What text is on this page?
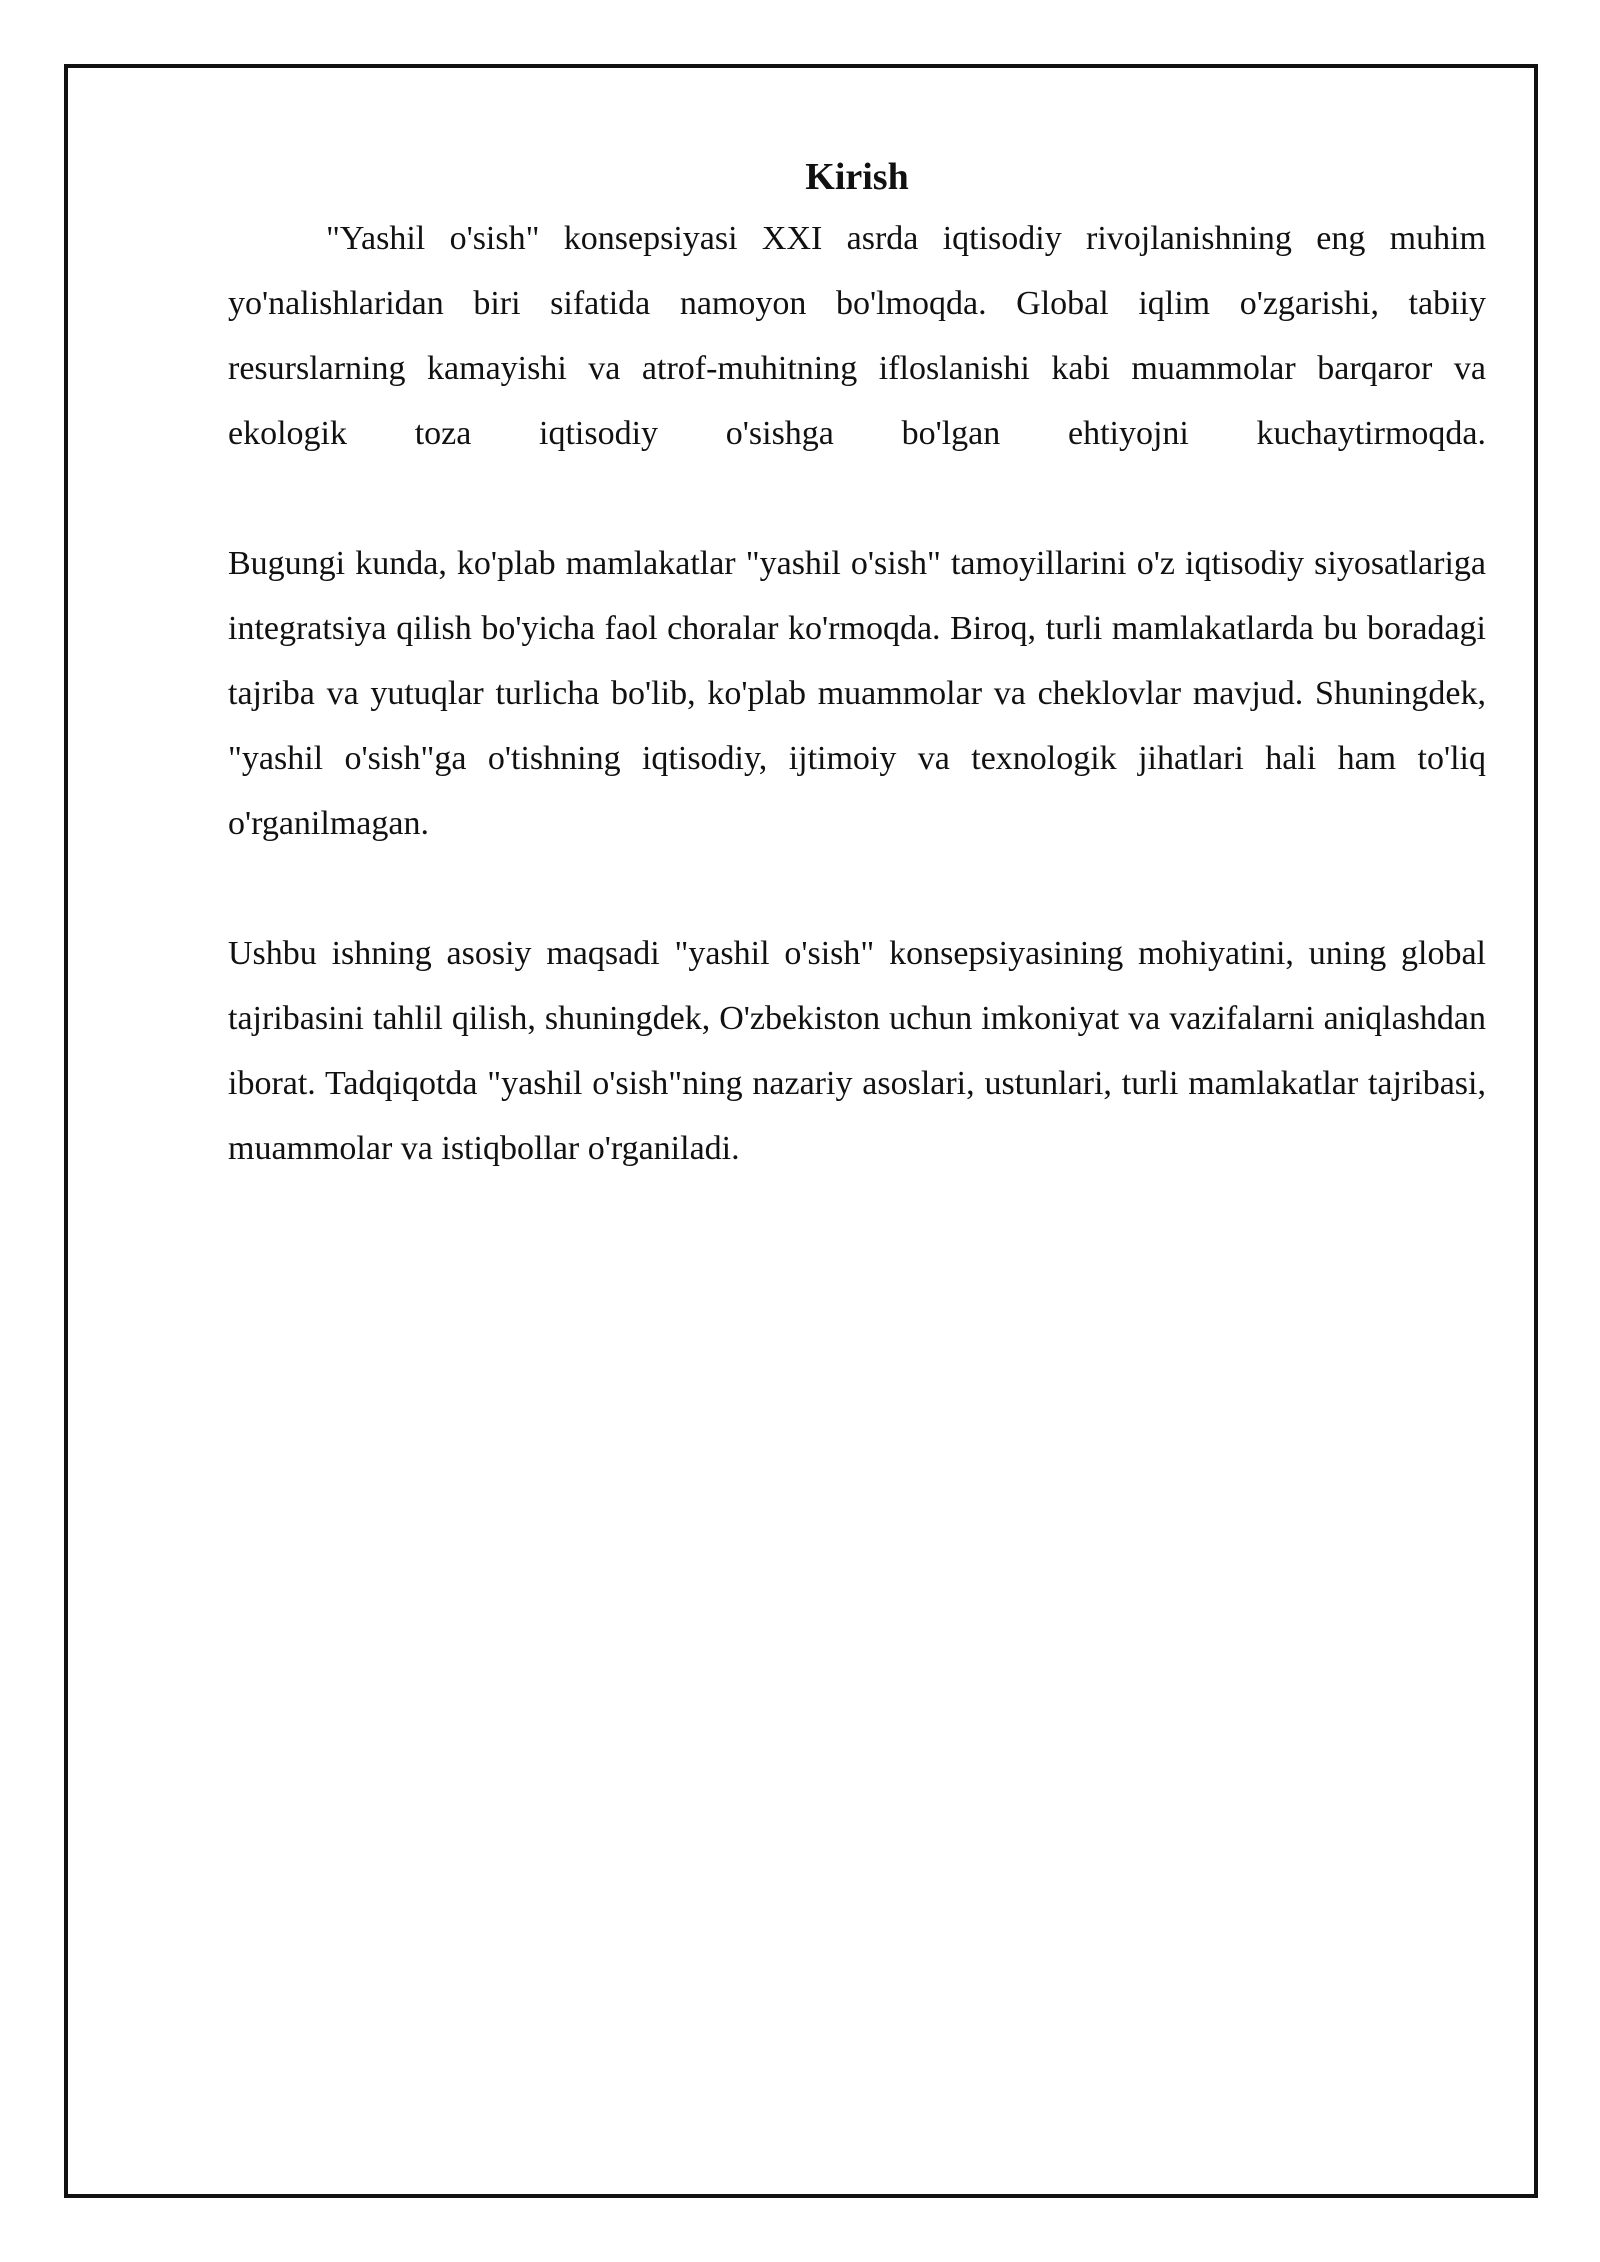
Kirish

"Yashil o'sish" konsepsiyasi XXI asrda iqtisodiy rivojlanishning eng muhim yo'nalishlaridan biri sifatida namoyon bo'lmoqda. Global iqlim o'zgarishi, tabiiy resurslarning kamayishi va atrof-muhitning ifloslanishi kabi muammolar barqaror va ekologik toza iqtisodiy o'sishga bo'lgan ehtiyojni kuchaytirmoqda.

Bugungi kunda, ko'plab mamlakatlar "yashil o'sish" tamoyillarini o'z iqtisodiy siyosatlariga integratsiya qilish bo'yicha faol choralar ko'rmoqda. Biroq, turli mamlakatlarda bu boradagi tajriba va yutuqlar turlicha bo'lib, ko'plab muammolar va cheklovlar mavjud. Shuningdek, "yashil o'sish"ga o'tishning iqtisodiy, ijtimoiy va texnologik jihatlari hali ham to'liq o'rganilmagan.

Ushbu ishning asosiy maqsadi "yashil o'sish" konsepsiyasining mohiyatini, uning global tajribasini tahlil qilish, shuningdek, O'zbekiston uchun imkoniyat va vazifalarni aniqlashdan iborat. Tadqiqotda "yashil o'sish"ning nazariy asoslari, ustunlari, turli mamlakatlar tajribasi, muammolar va istiqbollar o'rganiladi.
